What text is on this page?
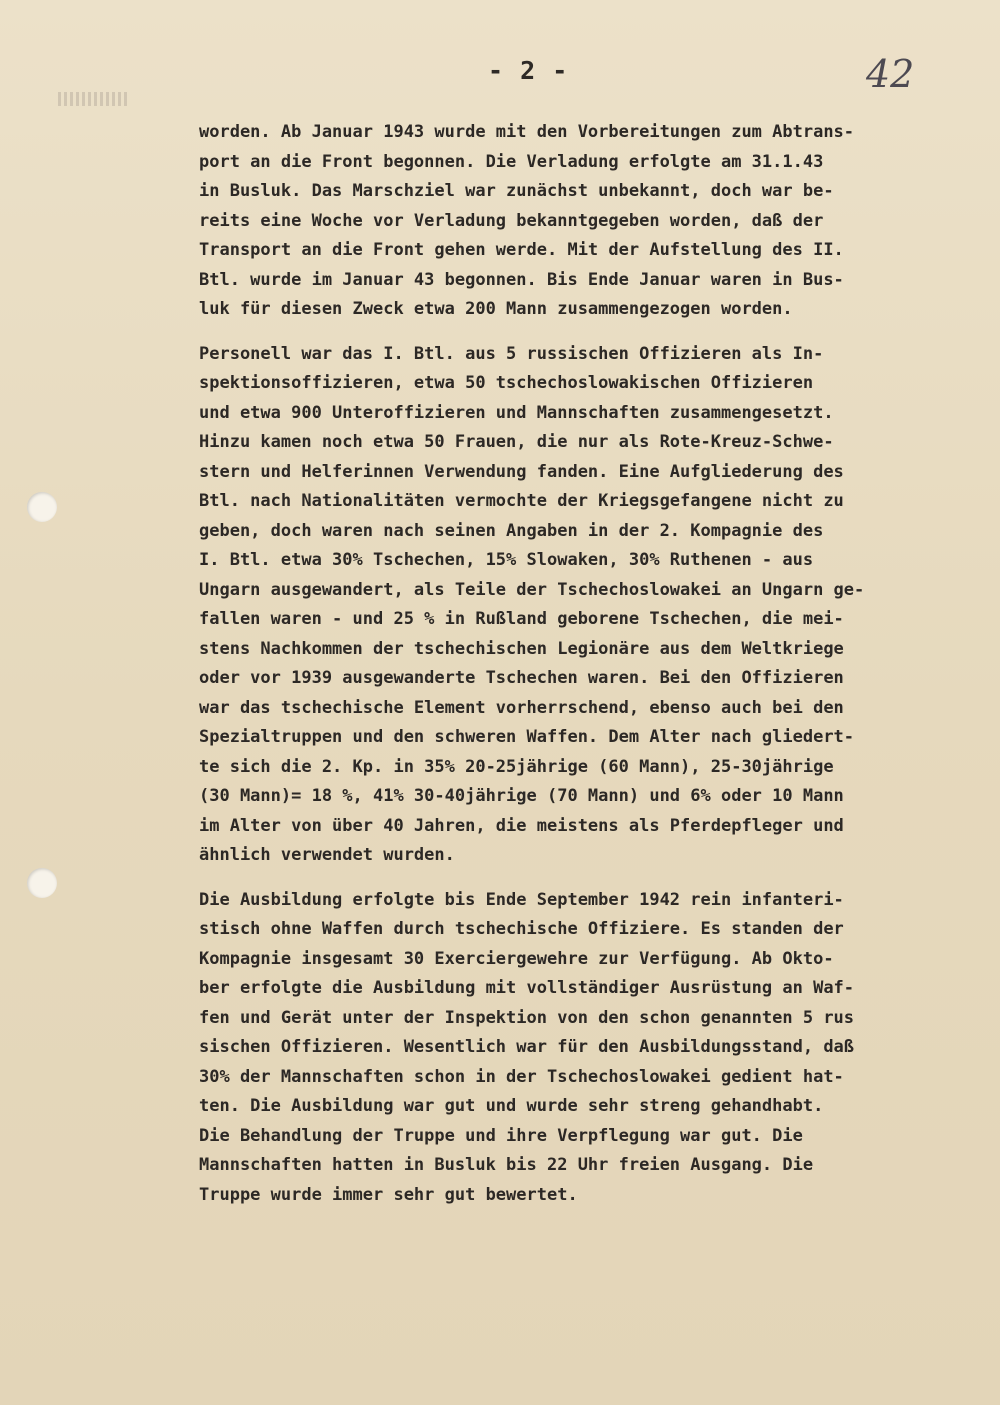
- 2 -	42
worden. Ab Januar 1943 wurde mit den Vorbereitungen zum Abtrans-
port an die Front begonnen. Die Verladung erfolgte am 31.1.43
in Busluk. Das Marschziel war zunächst unbekannt, doch war be-
reits eine Woche vor Verladung bekanntgegeben worden, daß der
Transport an die Front gehen werde. Mit der Aufstellung des II.
Btl. wurde im Januar 43 begonnen. Bis Ende Januar waren in Bus-
luk für diesen Zweck etwa 200 Mann zusammengezogen worden.
Personell war das I. Btl. aus 5 russischen Offizieren als In-
spektionsoffizieren, etwa 50 tschechoslowakischen Offizieren
und etwa 900 Unteroffizieren und Mannschaften zusammengesetzt.
Hinzu kamen noch etwa 50 Frauen, die nur als Rote-Kreuz-Schwe-
stern und Helferinnen Verwendung fanden. Eine Aufgliederung des
Btl. nach Nationalitäten vermochte der Kriegsgefangene nicht zu
geben, doch waren nach seinen Angaben in der 2. Kompagnie des
I. Btl. etwa 30% Tschechen, 15% Slowaken, 30% Ruthenen - aus
Ungarn ausgewandert, als Teile der Tschechoslowakei an Ungarn ge-
fallen waren - und 25 % in Rußland geborene Tschechen, die mei-
stens Nachkommen der tschechischen Legionäre aus dem Weltkriege
oder vor 1939 ausgewanderte Tschechen waren. Bei den Offizieren
war das tschechische Element vorherrschend, ebenso auch bei den
Spezialtruppen und den schweren Waffen. Dem Alter nach gliedert-
te sich die 2. Kp. in 35% 20-25jährige (60 Mann), 25-30jährige
(30 Mann)= 18 %, 41% 30-40jährige (70 Mann) und 6% oder 10 Mann
im Alter von über 40 Jahren, die meistens als Pferdepfleger und
ähnlich verwendet wurden.
Die Ausbildung erfolgte bis Ende September 1942 rein infanteri-
stisch ohne Waffen durch tschechische Offiziere. Es standen der
Kompagnie insgesamt 30 Exerciergewehre zur Verfügung. Ab Okto-
ber erfolgte die Ausbildung mit vollständiger Ausrüstung an Waf-
fen und Gerät unter der Inspektion von den schon genannten 5 rus
sischen Offizieren. Wesentlich war für den Ausbildungsstand, daß
30% der Mannschaften schon in der Tschechoslowakei gedient hat-
ten. Die Ausbildung war gut und wurde sehr streng gehandhabt.
Die Behandlung der Truppe und ihre Verpflegung war gut. Die
Mannschaften hatten in Busluk bis 22 Uhr freien Ausgang. Die
Truppe wurde immer sehr gut bewertet.
